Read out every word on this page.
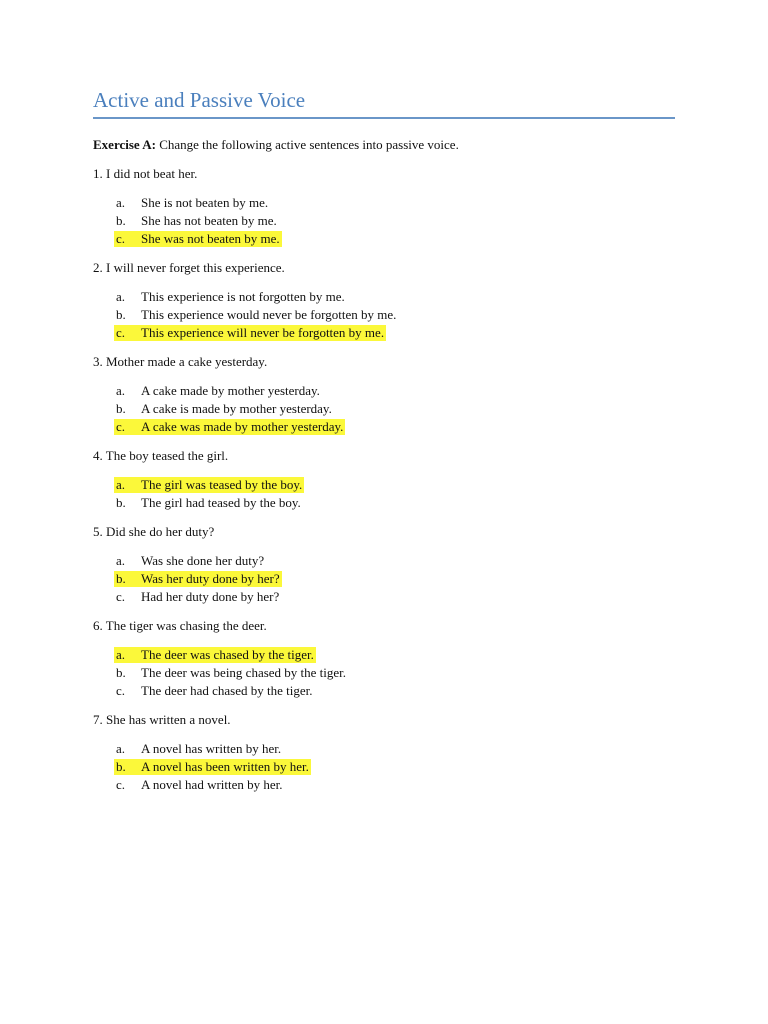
Active and Passive Voice
Exercise A: Change the following active sentences into passive voice.
1. I did not beat her.
a. She is not beaten by me.
b. She has not beaten by me.
c. She was not beaten by me.
2. I will never forget this experience.
a. This experience is not forgotten by me.
b. This experience would never be forgotten by me.
c. This experience will never be forgotten by me.
3. Mother made a cake yesterday.
a. A cake made by mother yesterday.
b. A cake is made by mother yesterday.
c. A cake was made by mother yesterday.
4. The boy teased the girl.
a. The girl was teased by the boy.
b. The girl had teased by the boy.
5. Did she do her duty?
a. Was she done her duty?
b. Was her duty done by her?
c. Had her duty done by her?
6. The tiger was chasing the deer.
a. The deer was chased by the tiger.
b. The deer was being chased by the tiger.
c. The deer had chased by the tiger.
7. She has written a novel.
a. A novel has written by her.
b. A novel has been written by her.
c. A novel had written by her.
